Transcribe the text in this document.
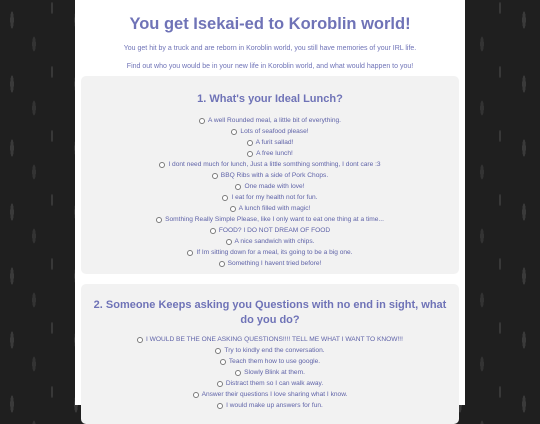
You get Isekai-ed to Koroblin world!
You get hit by a truck and are reborn in Koroblin world, you still have memories of your IRL life.
Find out who you would be in your new life in Koroblin world, and what would happen to you!
1. What's your Ideal Lunch?
A well Rounded meal, a little bit of everything.
Lots of seafood please!
A furit sallad!
A free lunch!
I dont need much for lunch, Just a little somthing somthing, I dont care :3
BBQ Ribs with a side of Pork Chops.
One made with love!
I eat for my health not for fun.
A lunch filled with magic!
Somthing Really Simple Please, like I only want to eat one thing at a time...
FOOD? I DO NOT DREAM OF FOOD
A nice sandwich with chips.
If Im sitting down for a meal, its going to be a big one.
Something I havent tried before!
2. Someone Keeps asking you Questions with no end in sight, what do you do?
I WOULD BE THE ONE ASKING QUESTIONS!!!! TELL ME WHAT I WANT TO KNOW!!!
Try to kindly end the conversation.
Teach them how to use google.
Slowly Blink at them.
Distract them so I can walk away.
Answer their questions I love sharing what I know.
I would make up answers for fun.
